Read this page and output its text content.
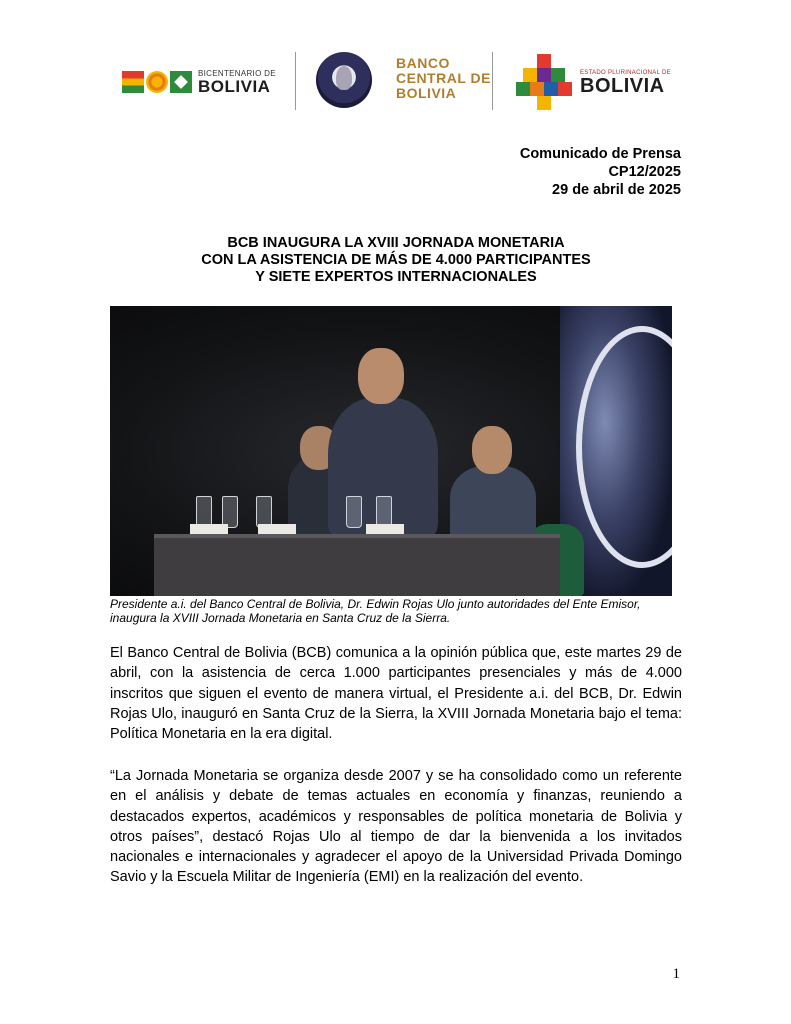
BICENTENARIO DE
BOLIVIA
BANCO
CENTRAL DE
BOLIVIA
ESTADO PLURINACIONAL DE
BOLIVIA
Comunicado de Prensa
CP12/2025
29 de abril de 2025
BCB INAUGURA LA XVIII JORNADA MONETARIA
CON LA ASISTENCIA DE MÁS DE 4.000 PARTICIPANTES
Y SIETE EXPERTOS INTERNACIONALES
Presidente a.i. del Banco Central de Bolivia, Dr. Edwin Rojas Ulo junto autoridades del Ente Emisor, inaugura la XVIII Jornada Monetaria en Santa Cruz de la Sierra.
El Banco Central de Bolivia (BCB) comunica a la opinión pública que, este martes 29 de abril, con la asistencia de cerca 1.000 participantes presenciales y más de 4.000 inscritos que siguen el evento de manera virtual, el Presidente a.i. del BCB, Dr. Edwin Rojas Ulo, inauguró en Santa Cruz de la Sierra, la XVIII Jornada Monetaria bajo el tema: Política Monetaria en la era digital.
“La Jornada Monetaria se organiza desde 2007 y se ha consolidado como un referente en el análisis y debate de temas actuales en economía y finanzas, reuniendo a destacados expertos, académicos y responsables de política monetaria de Bolivia y otros países”, destacó Rojas Ulo al tiempo de dar la bienvenida a los invitados nacionales e internacionales y agradecer el apoyo de la Universidad Privada Domingo Savio y la Escuela Militar de Ingeniería (EMI) en la realización del evento.
1
